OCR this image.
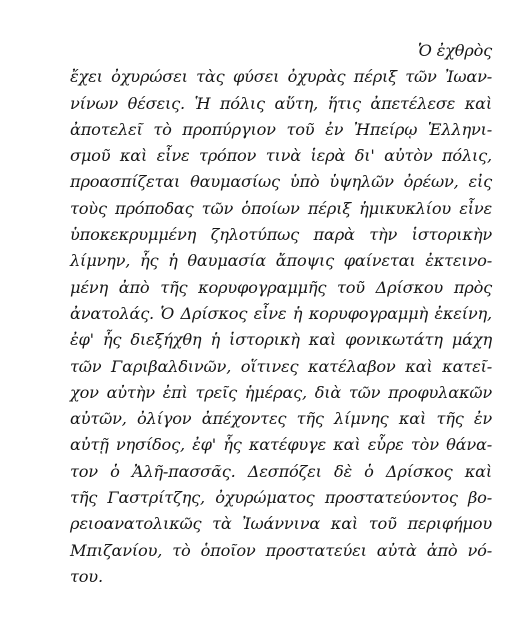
Ὁ ἐχθρὸς
ἔχει ὀχυρώσει τὰς φύσει ὀχυρὰς πέριξ τῶν Ἰωαν-
νίνων θέσεις. Ἡ πόλις αὕτη, ἥτις ἀπετέλεσε καὶ
ἀποτελεῖ τὸ προπύργιον τοῦ ἐν Ἠπείρῳ Ἑλληνι-
σμοῦ καὶ εἶνε τρόπον τινὰ ἱερὰ δι' αὐτὸν πόλις,
προασπίζεται θαυμασίως ὑπὸ ὑψηλῶν ὀρέων, εἰς
τοὺς πρόποδας τῶν ὁποίων πέριξ ἡμικυκλίου εἶνε
ὑποκεκρυμμένη ζηλοτύπως παρὰ τὴν ἱστορικὴν
λίμνην, ἧς ἡ θαυμασία ἄποψις φαίνεται ἐκτεινο-
μένη ἀπὸ τῆς κορυφογραμμῆς τοῦ Δρίσκου πρὸς
ἀνατολάς. Ὁ Δρίσκος εἶνε ἡ κορυφογραμμὴ ἐκείνη,
ἐφ' ἧς διεξήχθη ἡ ἱστορικὴ καὶ φονικωτάτη μάχη
τῶν Γαριβαλδινῶν, οἵτινες κατέλαβον καὶ κατεῖ-
χον αὐτὴν ἐπὶ τρεῖς ἡμέρας, διὰ τῶν προφυλακῶν
αὐτῶν, ὀλίγον ἀπέχοντες τῆς λίμνης καὶ τῆς ἐν
αὐτῇ νησίδος, ἐφ' ἧς κατέφυγε καὶ εὗρε τὸν θάνα-
τον ὁ Ἀλῆ-πασσᾶς. Δεσπόζει δὲ ὁ Δρίσκος καὶ
τῆς Γαστρίτζης, ὀχυρώματος προστατεύοντος βο-
ρειοανατολικῶς τὰ Ἰωάννινα καὶ τοῦ περιφήμου
Μπιζανίου, τὸ ὁποῖον προστατεύει αὐτὰ ἀπὸ νό-
του.
